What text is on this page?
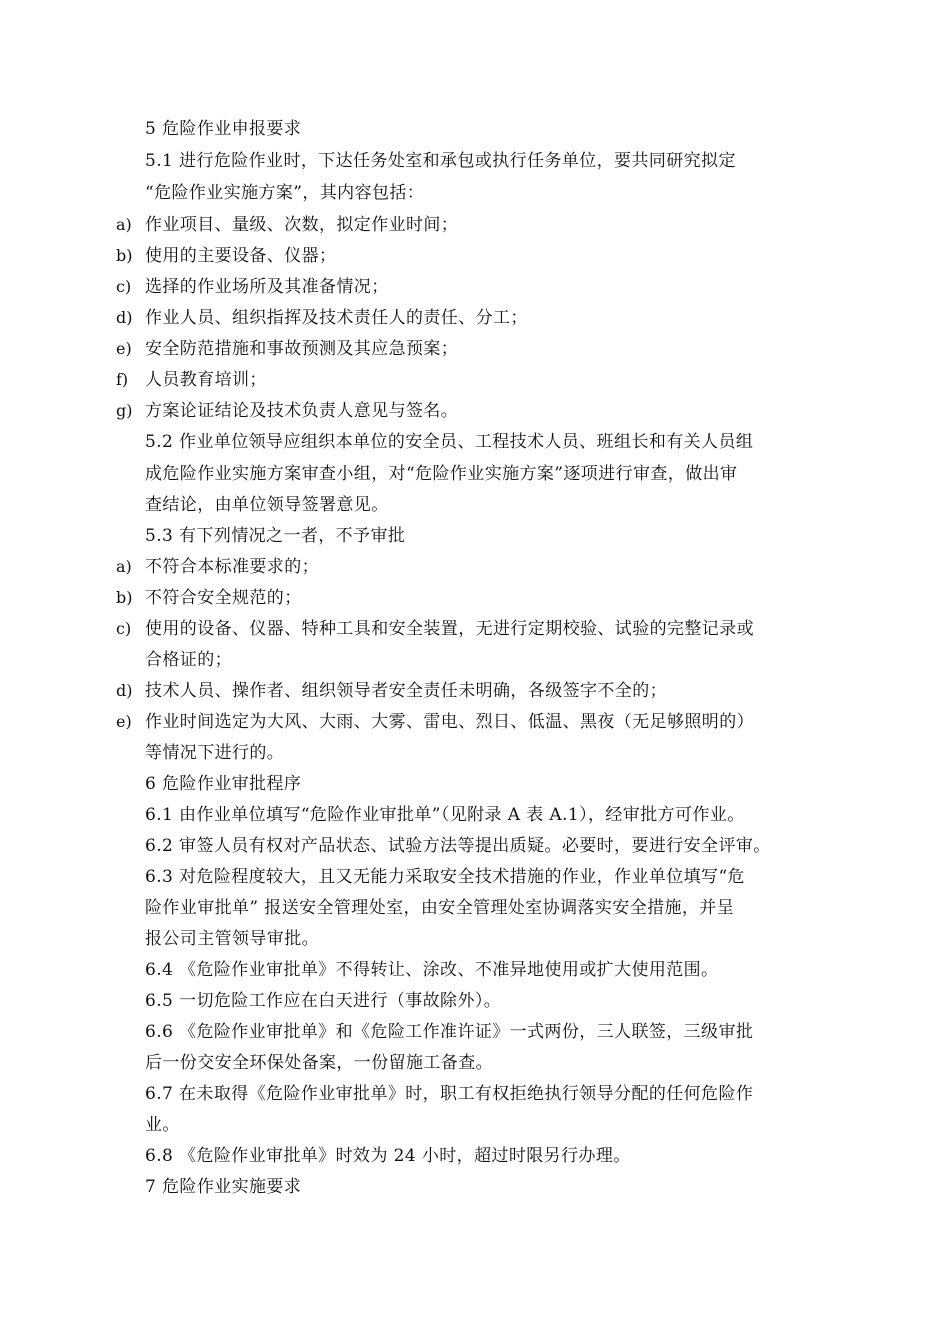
5 危险作业申报要求
5.1 进行危险作业时，下达任务处室和承包或执行任务单位，要共同研究拟定
“危险作业实施方案”，其内容包括：
a) 作业项目、量级、次数，拟定作业时间；
b) 使用的主要设备、仪器；
c) 选择的作业场所及其准备情况；
d) 作业人员、组织指挥及技术责任人的责任、分工；
e) 安全防范措施和事故预测及其应急预案；
f) 人员教育培训；
g) 方案论证结论及技术负责人意见与签名。
5.2 作业单位领导应组织本单位的安全员、工程技术人员、班组长和有关人员组
成危险作业实施方案审查小组，对“危险作业实施方案”逐项进行审查，做出审
查结论，由单位领导签署意见。
5.3 有下列情况之一者，不予审批
a) 不符合本标准要求的；
b) 不符合安全规范的；
c) 使用的设备、仪器、特种工具和安全装置，无进行定期校验、试验的完整记录或
合格证的；
d) 技术人员、操作者、组织领导者安全责任未明确，各级签字不全的；
e) 作业时间选定为大风、大雨、大雾、雷电、烈日、低温、黑夜（无足够照明的）
等情况下进行的。
6 危险作业审批程序
6.1 由作业单位填写“危险作业审批单”（见附录 A 表 A.1），经审批方可作业。
6.2 审签人员有权对产品状态、试验方法等提出质疑。必要时，要进行安全评审。
6.3 对危险程度较大，且又无能力采取安全技术措施的作业，作业单位填写“危
险作业审批单” 报送安全管理处室，由安全管理处室协调落实安全措施，并呈
报公司主管领导审批。
6.4 《危险作业审批单》不得转让、涂改、不准异地使用或扩大使用范围。
6.5 一切危险工作应在白天进行（事故除外）。
6.6 《危险作业审批单》和《危险工作准许证》一式两份，三人联签，三级审批
后一份交安全环保处备案，一份留施工备查。
6.7 在未取得《危险作业审批单》时，职工有权拒绝执行领导分配的任何危险作
业。
6.8 《危险作业审批单》时效为 24 小时，超过时限另行办理。
7 危险作业实施要求
